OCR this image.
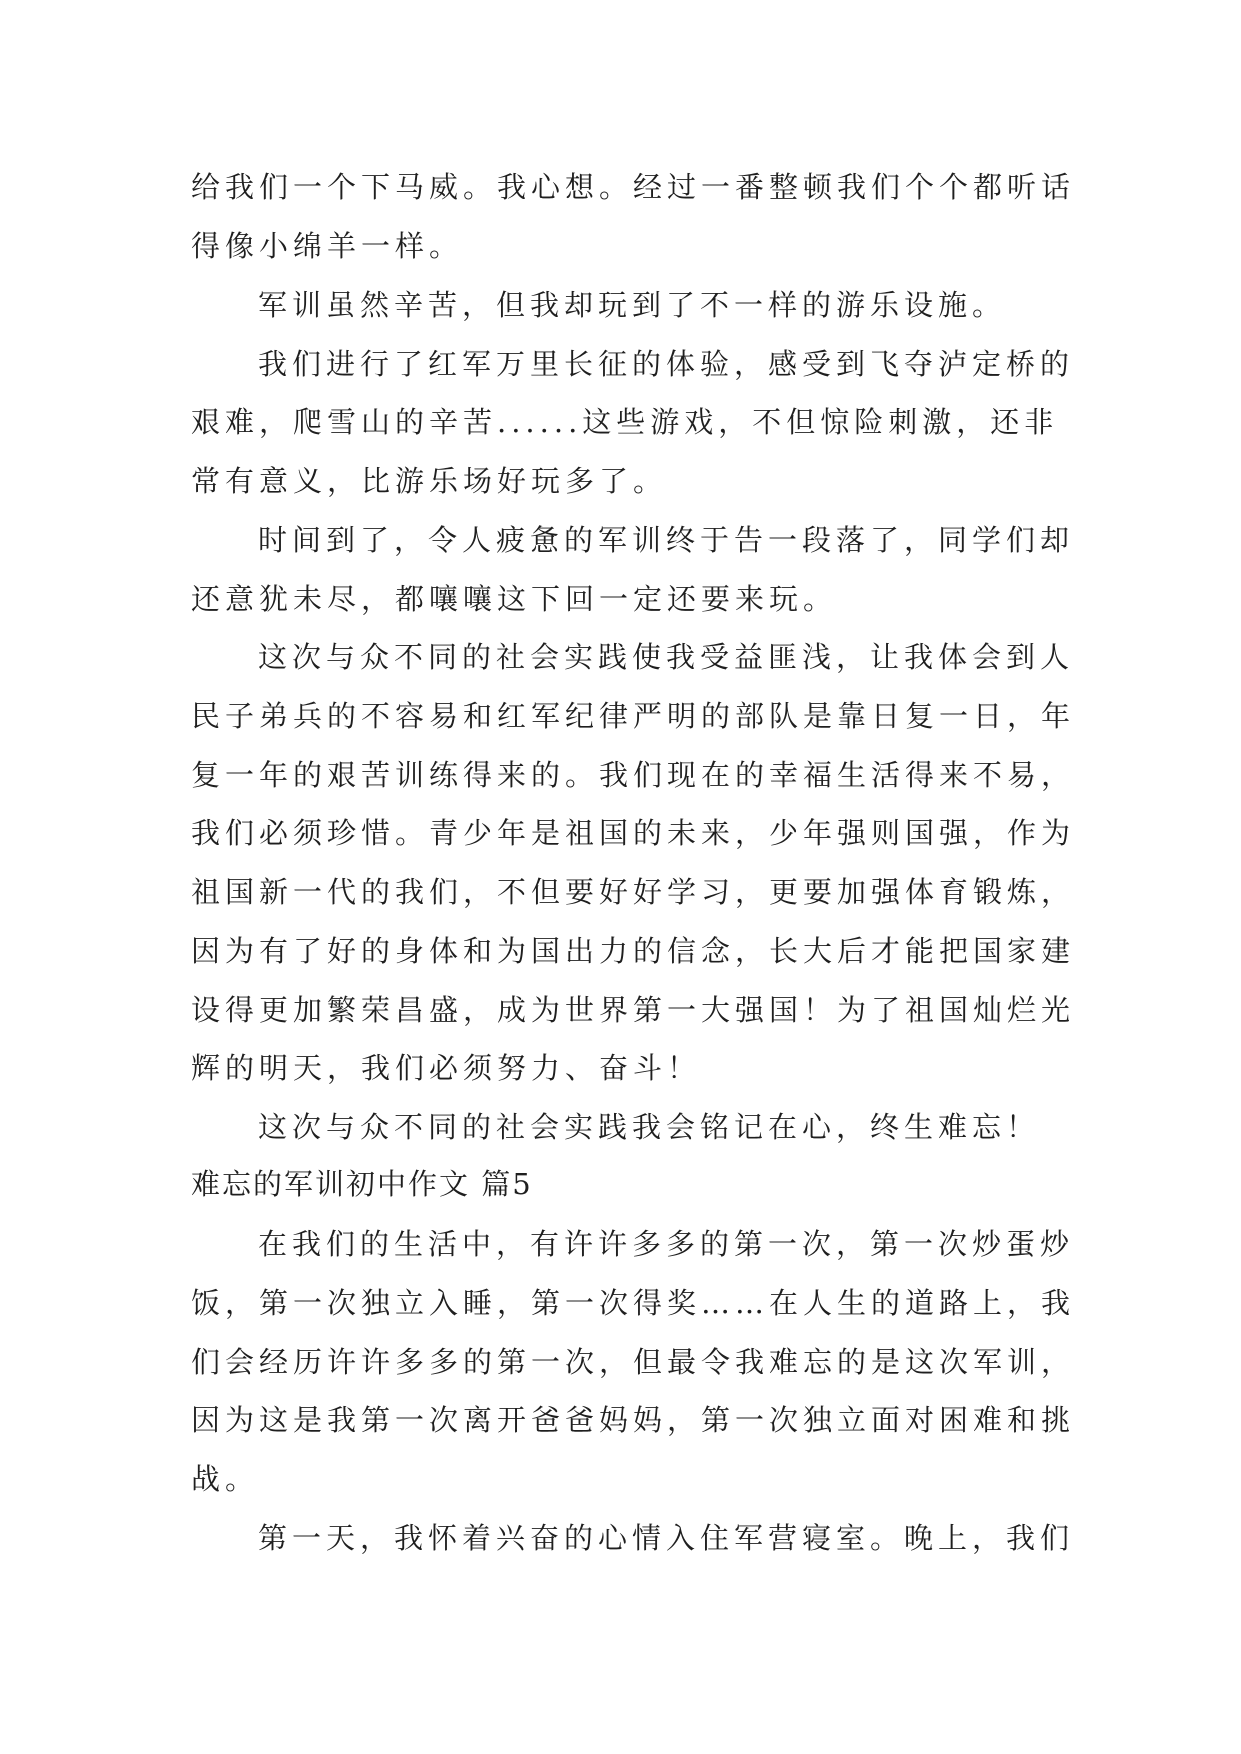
给我们一个下马威。我心想。经过一番整顿我们个个都听话

得像小绵羊一样。

军训虽然辛苦，但我却玩到了不一样的游乐设施。

我们进行了红军万里长征的体验，感受到飞夺泸定桥的

艰难，爬雪山的辛苦......这些游戏，不但惊险刺激，还非

常有意义，比游乐场好玩多了。

时间到了，令人疲惫的军训终于告一段落了，同学们却

还意犹未尽，都嚷嚷这下回一定还要来玩。

这次与众不同的社会实践使我受益匪浅，让我体会到人

民子弟兵的不容易和红军纪律严明的部队是靠日复一日，年

复一年的艰苦训练得来的。我们现在的幸福生活得来不易，

我们必须珍惜。青少年是祖国的未来，少年强则国强，作为

祖国新一代的我们，不但要好好学习，更要加强体育锻炼，

因为有了好的身体和为国出力的信念，长大后才能把国家建

设得更加繁荣昌盛，成为世界第一大强国！为了祖国灿烂光

辉的明天，我们必须努力、奋斗！

这次与众不同的社会实践我会铭记在心，终生难忘！

难忘的军训初中作文 篇5

在我们的生活中，有许许多多的第一次，第一次炒蛋炒

饭，第一次独立入睡，第一次得奖……在人生的道路上，我

们会经历许许多多的第一次，但最令我难忘的是这次军训，

因为这是我第一次离开爸爸妈妈，第一次独立面对困难和挑

战。

第一天，我怀着兴奋的心情入住军营寝室。晚上，我们
